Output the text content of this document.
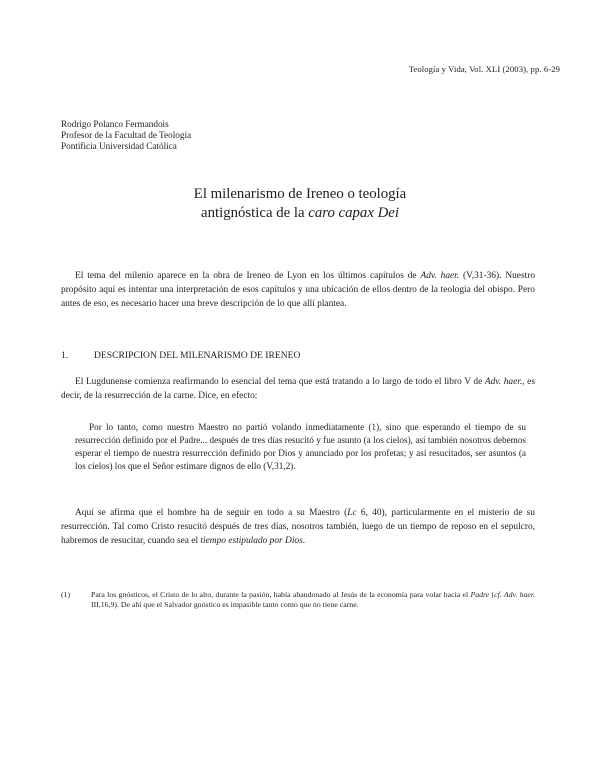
Teología y Vida, Vol. XLI (2003), pp. 6-29
Rodrigo Polanco Fermandois
Profesor de la Facultad de Teología
Pontificia Universidad Católica
El milenarismo de Ireneo o teología
antignóstica de la caro capax Dei

El tema del milenio aparece en la obra de Ireneo de Lyon en los últimos capítulos de Adv. haer. (V,31-36). Nuestro propósito aquí es intentar una interpretación de esos capítulos y una ubicación de ellos dentro de la teología del obispo. Pero antes de eso, es necesario hacer una breve descripción de lo que allí plantea.

1.	DESCRIPCION DEL MILENARISMO DE IRENEO

El Lugdunense comienza reafirmando lo esencial del tema que está tratando a lo largo de todo el libro V de Adv. haer., es decir, de la resurrección de la carne. Dice, en efecto:

Por lo tanto, como nuestro Maestro no partió volando inmediatamente (1), sino que esperando el tiempo de su resurrección definido por el Padre... después de tres días resucitó y fue asunto (a los cielos), así también nosotros debemos esperar el tiempo de nuestra resurrección definido por Dios y anunciado por los profetas; y así resucitados, ser asuntos (a los cielos) los que el Señor estimare dignos de ello (V,31,2).

Aquí se afirma que el hombre ha de seguir en todo a su Maestro (Lc 6, 40), particularmente en el misterio de su resurrección. Tal como Cristo resucitó después de tres días, nosotros también, luego de un tiempo de reposo en el sepulcro, habremos de resucitar, cuando sea el tiempo estipulado por Dios.

(1)	Para los gnósticos, el Cristo de lo alto, durante la pasión, había abandonado al Jesús de la economía para volar hacia el Padre (cf. Adv. haer. III,16,9). De ahí que el Salvador gnóstico es impasible tanto como que no tiene carne.
